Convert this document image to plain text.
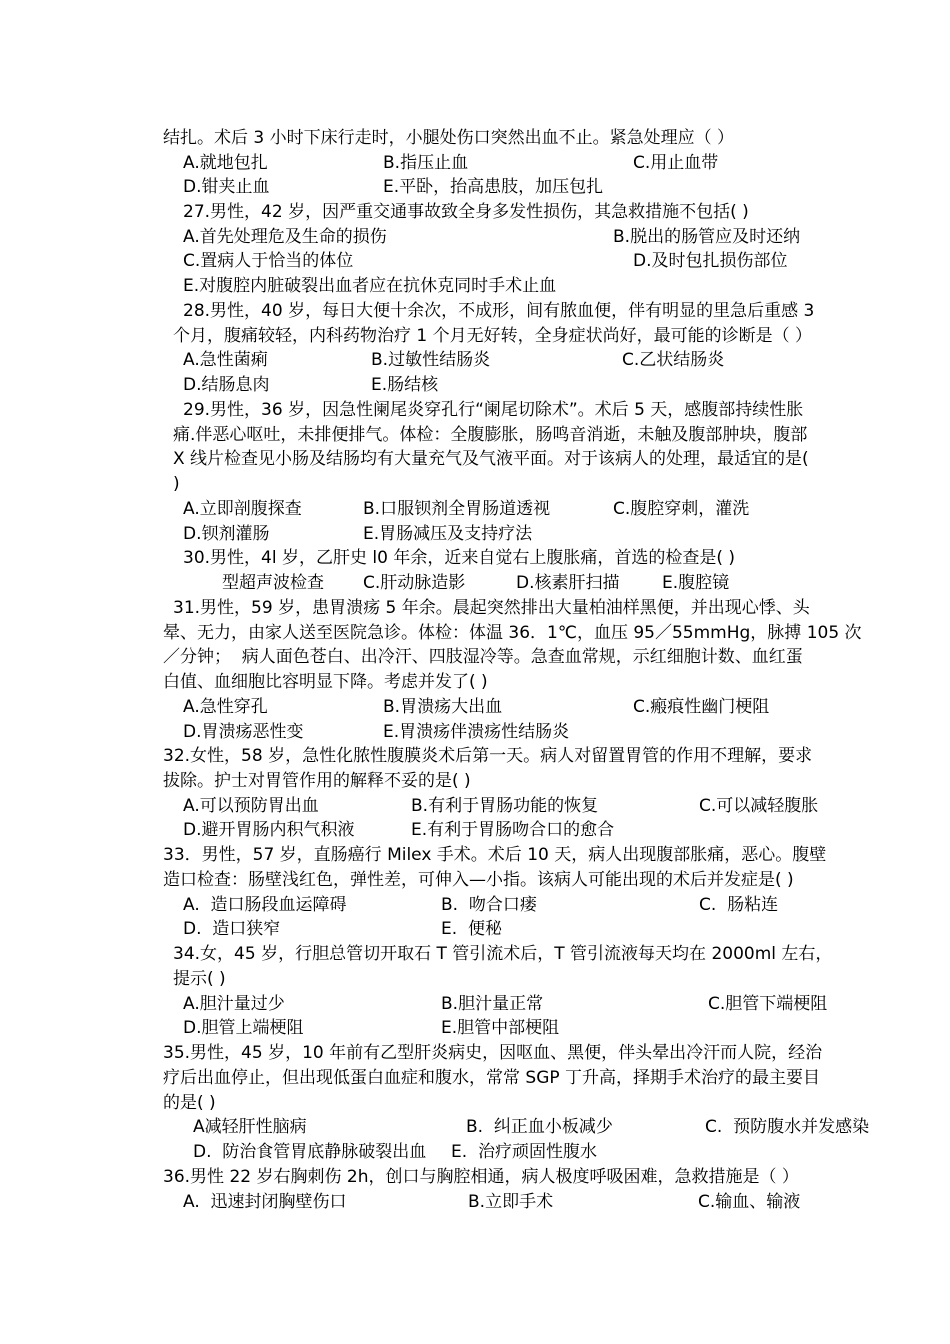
结扎。术后 3 小时下床行走时，小腿处伤口突然出血不止。紧急处理应（ ）
A.就地包扎	B.指压止血	C.用止血带
D.钳夹止血	E.平卧，抬高患肢，加压包扎
27.男性，42 岁，因严重交通事故致全身多发性损伤，其急救措施不包括( )
A.首先处理危及生命的损伤	B.脱出的肠管应及时还纳
C.置病人于恰当的体位	D.及时包扎损伤部位
E.对腹腔内脏破裂出血者应在抗休克同时手术止血
28.男性，40 岁，每日大便十余次，不成形，间有脓血便，伴有明显的里急后重感 3
个月，腹痛较轻，内科药物治疗 1 个月无好转，全身症状尚好，最可能的诊断是（ ）
A.急性菌痢	B.过敏性结肠炎	C.乙状结肠炎
D.结肠息肉	E.肠结核
29.男性，36 岁，因急性阑尾炎穿孔行“阑尾切除术”。术后 5 天，感腹部持续性胀
痛.伴恶心呕吐，未排便排气。体检：全腹膨胀，肠鸣音消逝，未触及腹部肿块，腹部
X 线片检查见小肠及结肠均有大量充气及气液平面。对于该病人的处理，最适宜的是(
)
A.立即剖腹探查	B.口服钡剂全胃肠道透视	C.腹腔穿刺，灌洗
D.钡剂灌肠	E.胃肠减压及支持疗法
30.男性，4l 岁，乙肝史 l0 年余，近来自觉右上腹胀痛，首选的检查是( )
型超声波检查 C.肝动脉造影	D.核素肝扫描	E.腹腔镜
31.男性，59 岁，患胃溃疡 5 年余。晨起突然排出大量柏油样黑便，并出现心悸、头
晕、无力，由家人送至医院急诊。体检：体温 36．1℃，血压 95／55mmHg，脉搏 105 次
／分钟；  病人面色苍白、出冷汗、四肢湿冷等。急查血常规，示红细胞计数、血红蛋
白值、血细胞比容明显下降。考虑并发了( )
A.急性穿孔	B.胃溃疡大出血	C.瘢痕性幽门梗阻
D.胃溃疡恶性变	E.胃溃疡伴溃疡性结肠炎
32.女性，58 岁，急性化脓性腹膜炎术后第一天。病人对留置胃管的作用不理解，要求
拔除。护士对胃管作用的解释不妥的是( )
A.可以预防胃出血	B.有利于胃肠功能的恢复	C.可以减轻腹胀
D.避开胃肠内积气积液	E.有利于胃肠吻合口的愈合
33．男性，57 岁，直肠癌行 Milex 手术。术后 10 天，病人出现腹部胀痛，恶心。腹壁
造口检查：肠壁浅红色，弹性差，可伸入—小指。该病人可能出现的术后并发症是( )
A.  造口肠段血运障碍	B.  吻合口瘘	C.  肠粘连
D.  造口狭窄	E.  便秘
34.女，45 岁，行胆总管切开取石 T 管引流术后，T 管引流液每天均在 2000ml 左右，
提示( )
A.胆汁量过少	B.胆汁量正常	C.胆管下端梗阻
D.胆管上端梗阻	E.胆管中部梗阻
35.男性，45 岁，10 年前有乙型肝炎病史，因呕血、黑便，伴头晕出冷汗而人院，经治
疗后出血停止，但出现低蛋白血症和腹水，常常 SGP 丁升高，择期手术治疗的最主要目
的是( )
A减轻肝性脑病	B.  纠正血小板减少	C.  预防腹水并发感染
D.  防治食管胃底静脉破裂出血 E.  治疗顽固性腹水
36.男性 22 岁右胸刺伤 2h，创口与胸腔相通，病人极度呼吸困难，急救措施是（ ）
A.  迅速封闭胸壁伤口	B.立即手术	C.输血、输液
